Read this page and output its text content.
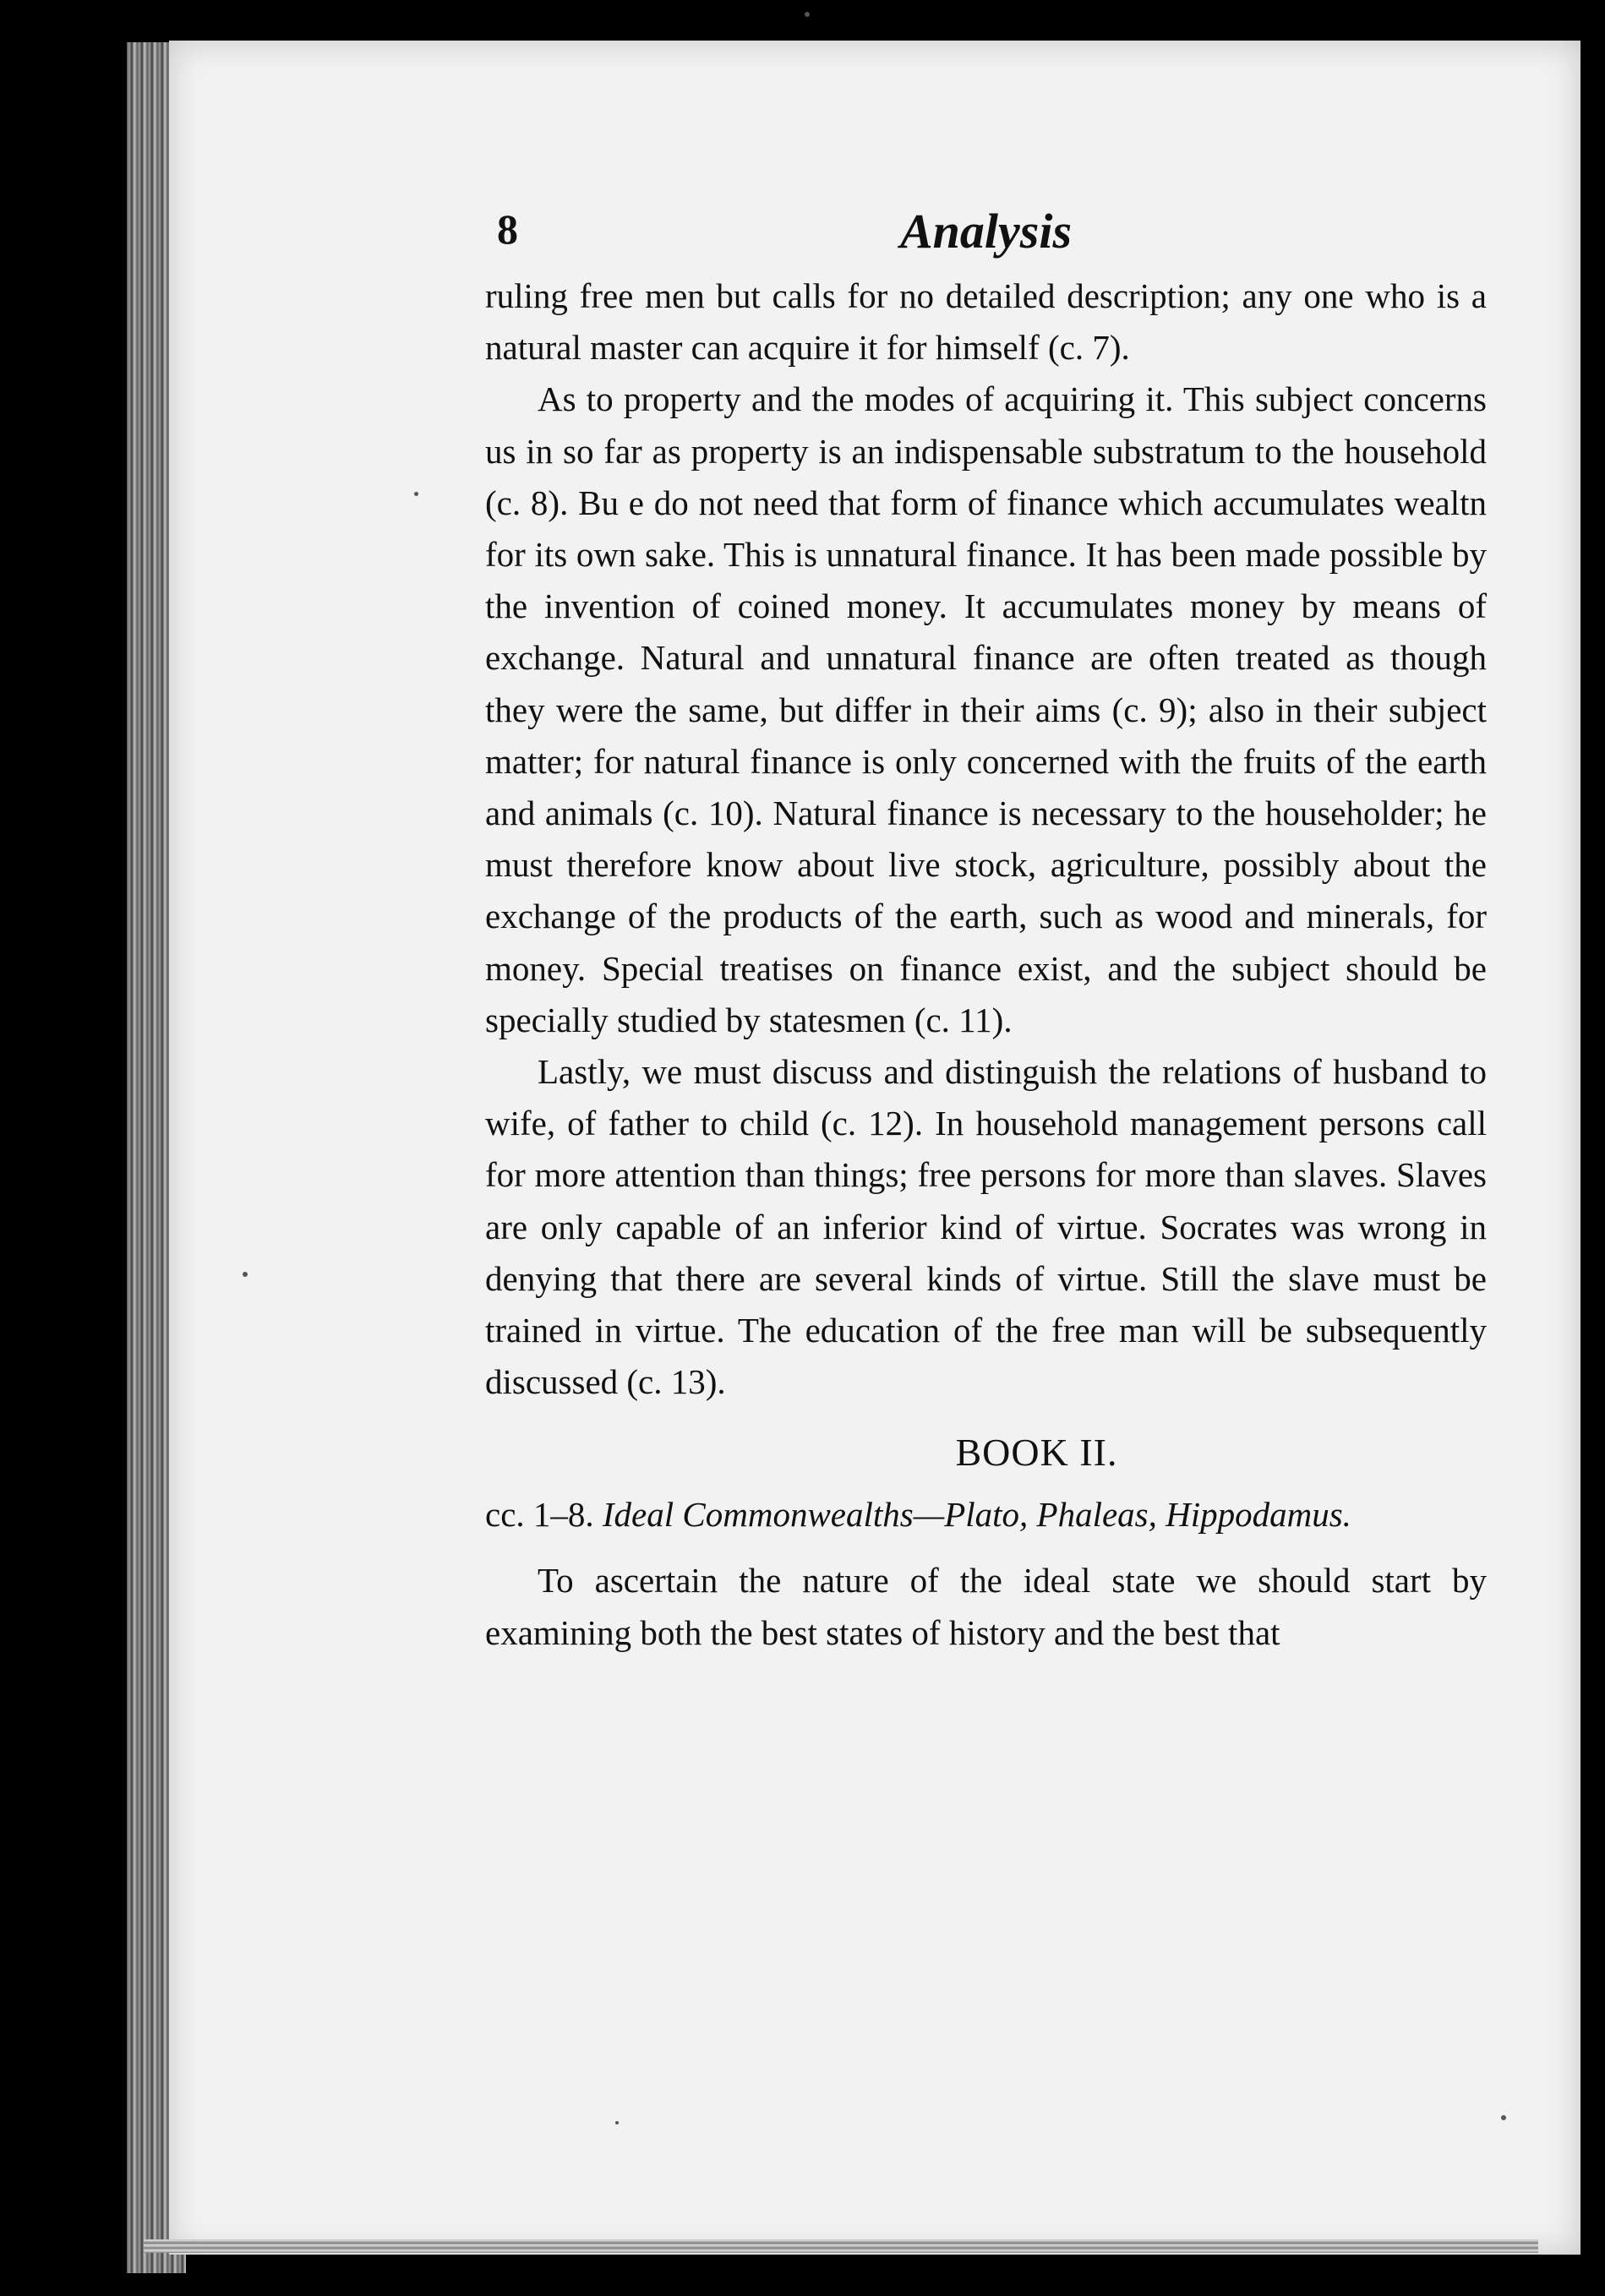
8	Analysis

ruling free men but calls for no detailed description; any one who is a natural master can acquire it for himself (c. 7).

As to property and the modes of acquiring it. This subject concerns us in so far as property is an indispensable substratum to the household (c. 8). Bu e do not need that form of finance which accumulates wealtn for its own sake. This is unnatural finance. It has been made possible by the invention of coined money. It accumulates money by means of exchange. Natural and unnatural finance are often treated as though they were the same, but differ in their aims (c. 9); also in their subject matter; for natural finance is only concerned with the fruits of the earth and animals (c. 10). Natural finance is necessary to the householder; he must therefore know about live stock, agriculture, possibly about the exchange of the products of the earth, such as wood and minerals, for money. Special treatises on finance exist, and the subject should be specially studied by statesmen (c. 11).

Lastly, we must discuss and distinguish the relations of husband to wife, of father to child (c. 12). In household management persons call for more attention than things; free persons for more than slaves. Slaves are only capable of an inferior kind of virtue. Socrates was wrong in denying that there are several kinds of virtue. Still the slave must be trained in virtue. The education of the free man will be subsequently discussed (c. 13).

BOOK II.
cc. 1–8. Ideal Commonwealths—Plato, Phaleas, Hippodamus.

To ascertain the nature of the ideal state we should start by examining both the best states of history and the best that
